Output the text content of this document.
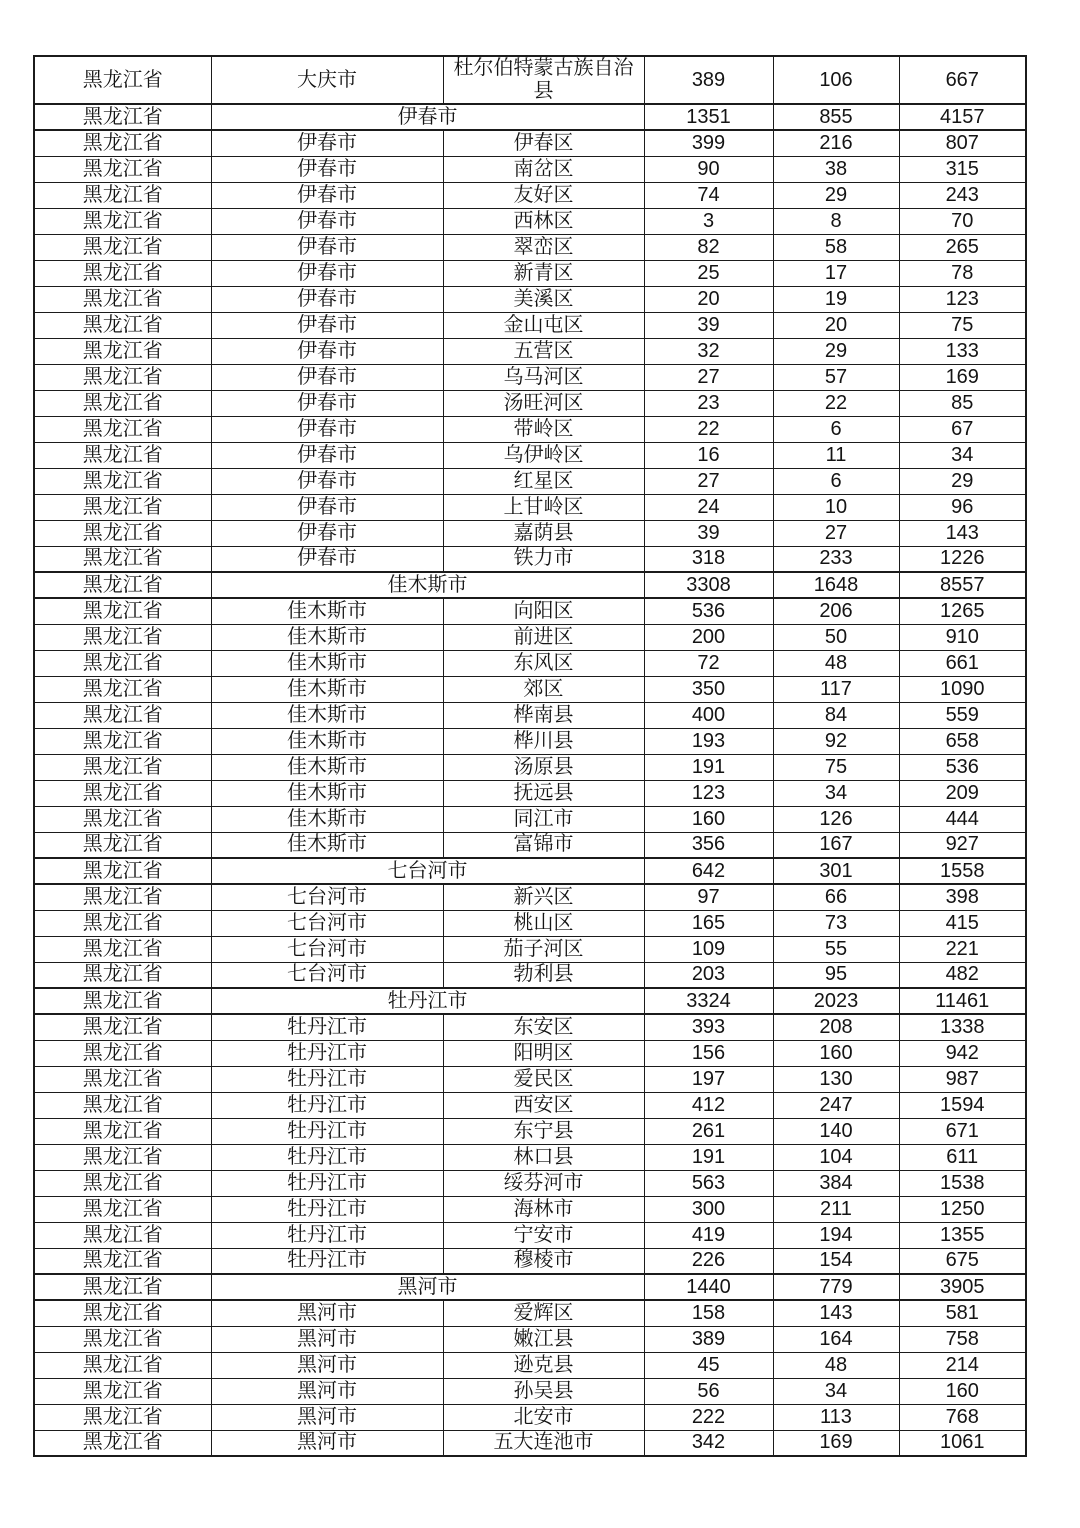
黑龙江省	大庆市	杜尔伯特蒙古族自治县	389	106	667
黑龙江省	伊春市		1351	855	4157
黑龙江省	伊春市	伊春区	399	216	807
黑龙江省	伊春市	南岔区	90	38	315
黑龙江省	伊春市	友好区	74	29	243
黑龙江省	伊春市	西林区	3	8	70
黑龙江省	伊春市	翠峦区	82	58	265
黑龙江省	伊春市	新青区	25	17	78
黑龙江省	伊春市	美溪区	20	19	123
黑龙江省	伊春市	金山屯区	39	20	75
黑龙江省	伊春市	五营区	32	29	133
黑龙江省	伊春市	乌马河区	27	57	169
黑龙江省	伊春市	汤旺河区	23	22	85
黑龙江省	伊春市	带岭区	22	6	67
黑龙江省	伊春市	乌伊岭区	16	11	34
黑龙江省	伊春市	红星区	27	6	29
黑龙江省	伊春市	上甘岭区	24	10	96
黑龙江省	伊春市	嘉荫县	39	27	143
黑龙江省	伊春市	铁力市	318	233	1226
黑龙江省	佳木斯市		3308	1648	8557
黑龙江省	佳木斯市	向阳区	536	206	1265
黑龙江省	佳木斯市	前进区	200	50	910
黑龙江省	佳木斯市	东风区	72	48	661
黑龙江省	佳木斯市	郊区	350	117	1090
黑龙江省	佳木斯市	桦南县	400	84	559
黑龙江省	佳木斯市	桦川县	193	92	658
黑龙江省	佳木斯市	汤原县	191	75	536
黑龙江省	佳木斯市	抚远县	123	34	209
黑龙江省	佳木斯市	同江市	160	126	444
黑龙江省	佳木斯市	富锦市	356	167	927
黑龙江省	七台河市		642	301	1558
黑龙江省	七台河市	新兴区	97	66	398
黑龙江省	七台河市	桃山区	165	73	415
黑龙江省	七台河市	茄子河区	109	55	221
黑龙江省	七台河市	勃利县	203	95	482
黑龙江省	牡丹江市		3324	2023	11461
黑龙江省	牡丹江市	东安区	393	208	1338
黑龙江省	牡丹江市	阳明区	156	160	942
黑龙江省	牡丹江市	爱民区	197	130	987
黑龙江省	牡丹江市	西安区	412	247	1594
黑龙江省	牡丹江市	东宁县	261	140	671
黑龙江省	牡丹江市	林口县	191	104	611
黑龙江省	牡丹江市	绥芬河市	563	384	1538
黑龙江省	牡丹江市	海林市	300	211	1250
黑龙江省	牡丹江市	宁安市	419	194	1355
黑龙江省	牡丹江市	穆棱市	226	154	675
黑龙江省	黑河市		1440	779	3905
黑龙江省	黑河市	爱辉区	158	143	581
黑龙江省	黑河市	嫩江县	389	164	758
黑龙江省	黑河市	逊克县	45	48	214
黑龙江省	黑河市	孙吴县	56	34	160
黑龙江省	黑河市	北安市	222	113	768
黑龙江省	黑河市	五大连池市	342	169	1061
